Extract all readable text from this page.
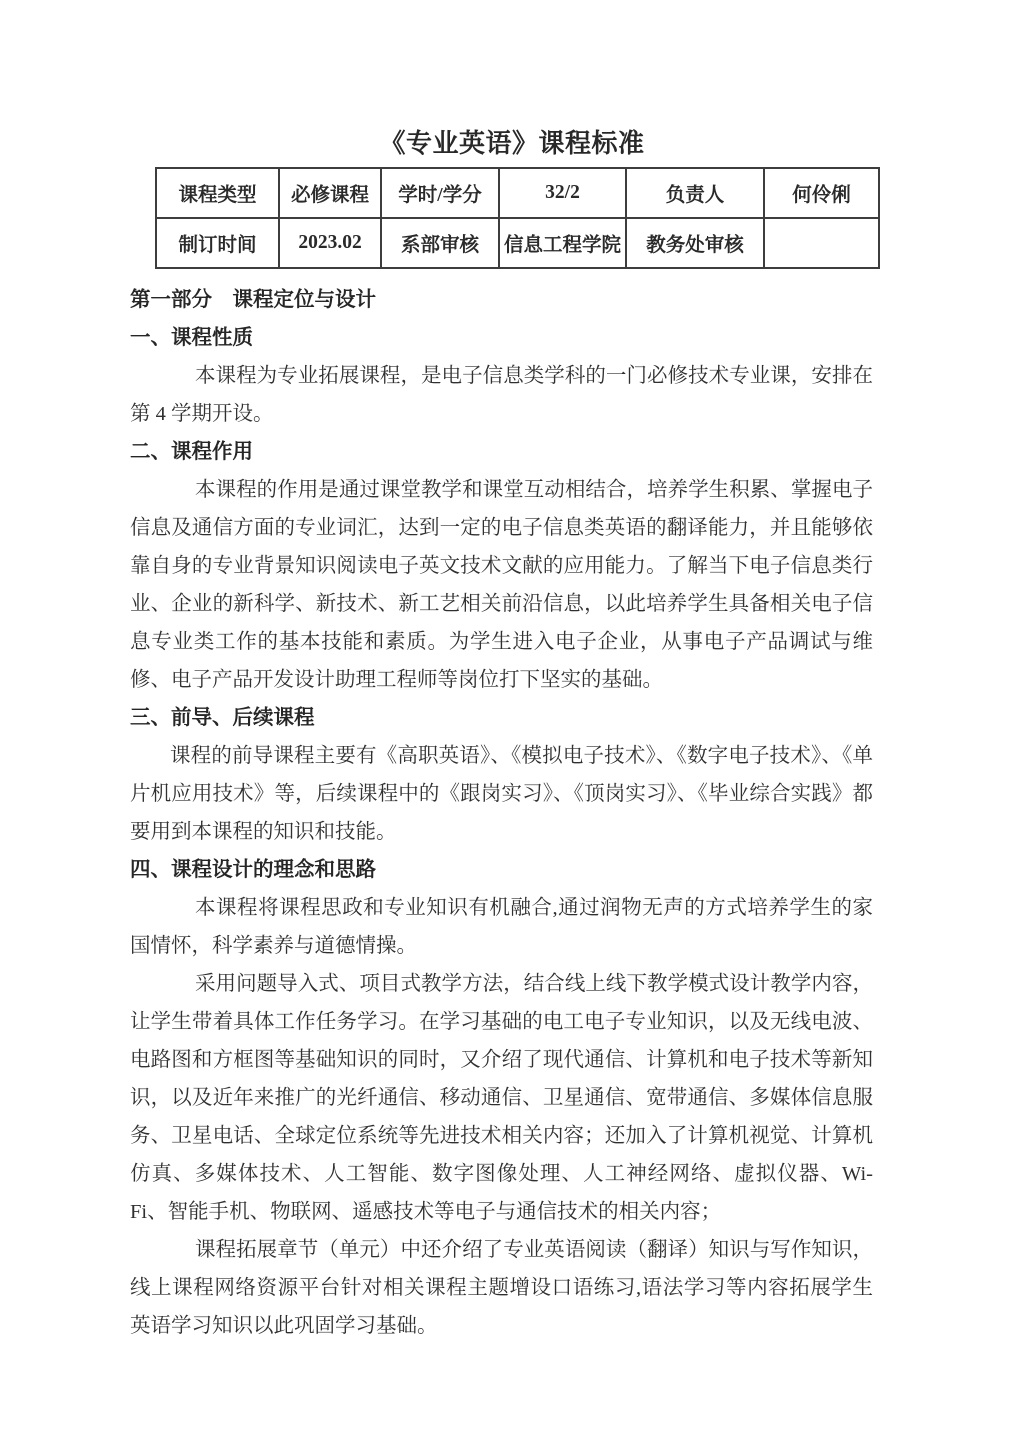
《专业英语》课程标准
课程类型	必修课程	学时/学分	32/2	负责人	何伶俐
制订时间	2023.02	系部审核	信息工程学院	教务处审核	
第一部分　课程定位与设计
一、课程性质

本课程为专业拓展课程，是电子信息类学科的一门必修技术专业课，安排在第 4 学期开设。

二、课程作用

本课程的作用是通过课堂教学和课堂互动相结合，培养学生积累、掌握电子信息及通信方面的专业词汇，达到一定的电子信息类英语的翻译能力，并且能够依靠自身的专业背景知识阅读电子英文技术文献的应用能力。了解当下电子信息类行业、企业的新科学、新技术、新工艺相关前沿信息，以此培养学生具备相关电子信息专业类工作的基本技能和素质。为学生进入电子企业，从事电子产品调试与维修、电子产品开发设计助理工程师等岗位打下坚实的基础。

三、前导、后续课程

课程的前导课程主要有《高职英语》、《模拟电子技术》、《数字电子技术》、《单片机应用技术》等，后续课程中的《跟岗实习》、《顶岗实习》、《毕业综合实践》都要用到本课程的知识和技能。

四、课程设计的理念和思路

本课程将课程思政和专业知识有机融合,通过润物无声的方式培养学生的家国情怀，科学素养与道德情操。

采用问题导入式、项目式教学方法，结合线上线下教学模式设计教学内容，让学生带着具体工作任务学习。在学习基础的电工电子专业知识，以及无线电波、电路图和方框图等基础知识的同时，又介绍了现代通信、计算机和电子技术等新知识，以及近年来推广的光纤通信、移动通信、卫星通信、宽带通信、多媒体信息服务、卫星电话、全球定位系统等先进技术相关内容；还加入了计算机视觉、计算机仿真、多媒体技术、人工智能、数字图像处理、人工神经网络、虚拟仪器、Wi-Fi、智能手机、物联网、遥感技术等电子与通信技术的相关内容；

课程拓展章节（单元）中还介绍了专业英语阅读（翻译）知识与写作知识，线上课程网络资源平台针对相关课程主题增设口语练习,语法学习等内容拓展学生英语学习知识以此巩固学习基础。
